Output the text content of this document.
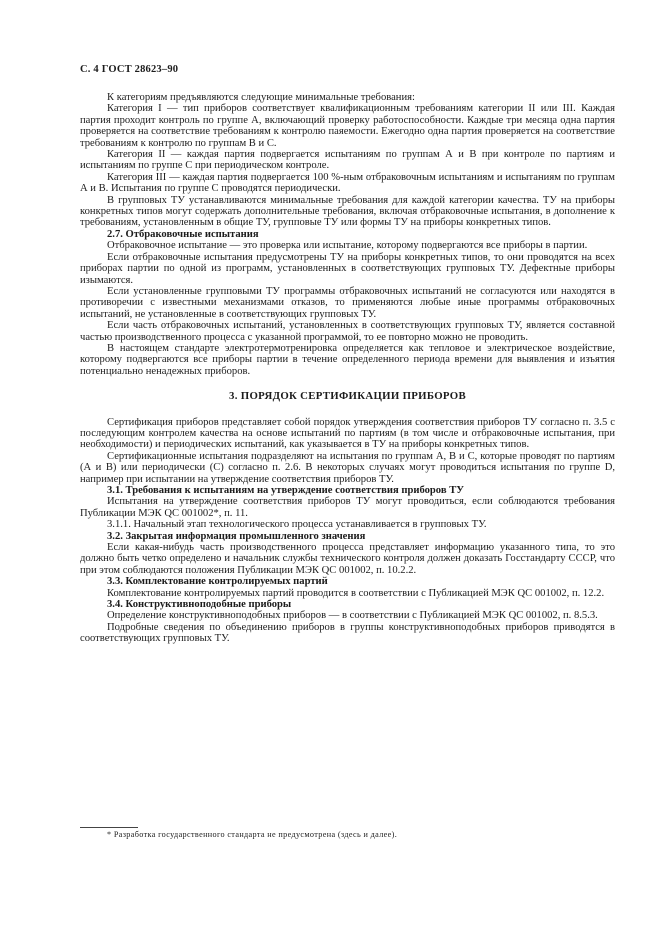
С. 4 ГОСТ 28623–90

К категориям предъявляются следующие минимальные требования:

Категория I — тип приборов соответствует квалификационным требованиям категории II или III. Каждая партия проходит контроль по группе А, включающий проверку работоспособности. Каждые три месяца одна партия проверяется на соответствие требованиям к контролю паяемости. Ежегодно одна партия проверяется на соответствие требованиям к контролю по группам В и С.

Категория II — каждая партия подвергается испытаниям по группам А и В при контроле по партиям и испытаниям по группе С при периодическом контроле.

Категория III — каждая партия подвергается 100 %-ным отбраковочным испытаниям и испытаниям по группам А и В. Испытания по группе С проводятся периодически.

В групповых ТУ устанавливаются минимальные требования для каждой категории качества. ТУ на приборы конкретных типов могут содержать дополнительные требования, включая отбраковочные испытания, в дополнение к требованиям, установленным в общие ТУ, групповые ТУ или формы ТУ на приборы конкретных типов.

2.7. Отбраковочные испытания

Отбраковочное испытание — это проверка или испытание, которому подвергаются все приборы в партии.

Если отбраковочные испытания предусмотрены ТУ на приборы конкретных типов, то они проводятся на всех приборах партии по одной из программ, установленных в соответствующих групповых ТУ. Дефектные приборы изымаются.

Если установленные групповыми ТУ программы отбраковочных испытаний не согласуются или находятся в противоречии с известными механизмами отказов, то применяются любые иные программы отбраковочных испытаний, не установленные в соответствующих групповых ТУ.

Если часть отбраковочных испытаний, установленных в соответствующих групповых ТУ, является составной частью производственного процесса с указанной программой, то ее повторно можно не проводить.

В настоящем стандарте электротермотренировка определяется как тепловое и электрическое воздействие, которому подвергаются все приборы партии в течение определенного периода времени для выявления и изъятия потенциально ненадежных приборов.

3. ПОРЯДОК СЕРТИФИКАЦИИ ПРИБОРОВ

Сертификация приборов представляет собой порядок утверждения соответствия приборов ТУ согласно п. 3.5 с последующим контролем качества на основе испытаний по партиям (в том числе и отбраковочные испытания, при необходимости) и периодических испытаний, как указывается в ТУ на приборы конкретных типов.

Сертификационные испытания подразделяют на испытания по группам А, В и С, которые проводят по партиям (А и В) или периодически (С) согласно п. 2.6. В некоторых случаях могут проводиться испытания по группе D, например при испытании на утверждение соответствия приборов ТУ.

3.1. Требования к испытаниям на утверждение соответствия приборов ТУ

Испытания на утверждение соответствия приборов ТУ могут проводиться, если соблюдаются требования Публикации МЭК QC 001002*, п. 11.

3.1.1. Начальный этап технологического процесса устанавливается в групповых ТУ.

3.2. Закрытая информация промышленного значения

Если какая-нибудь часть производственного процесса представляет информацию указанного типа, то это должно быть четко определено и начальник службы технического контроля должен доказать Госстандарту СССР, что при этом соблюдаются положения Публикации МЭК QC 001002, п. 10.2.2.

3.3. Комплектование контролируемых партий

Комплектование контролируемых партий проводится в соответствии с Публикацией МЭК QC 001002, п. 12.2.

3.4. Конструктивноподобные приборы

Определение конструктивноподобных приборов — в соответствии с Публикацией МЭК QC 001002, п. 8.5.3.

Подробные сведения по объединению приборов в группы конструктивноподобных приборов приводятся в соответствующих групповых ТУ.

* Разработка государственного стандарта не предусмотрена (здесь и далее).
